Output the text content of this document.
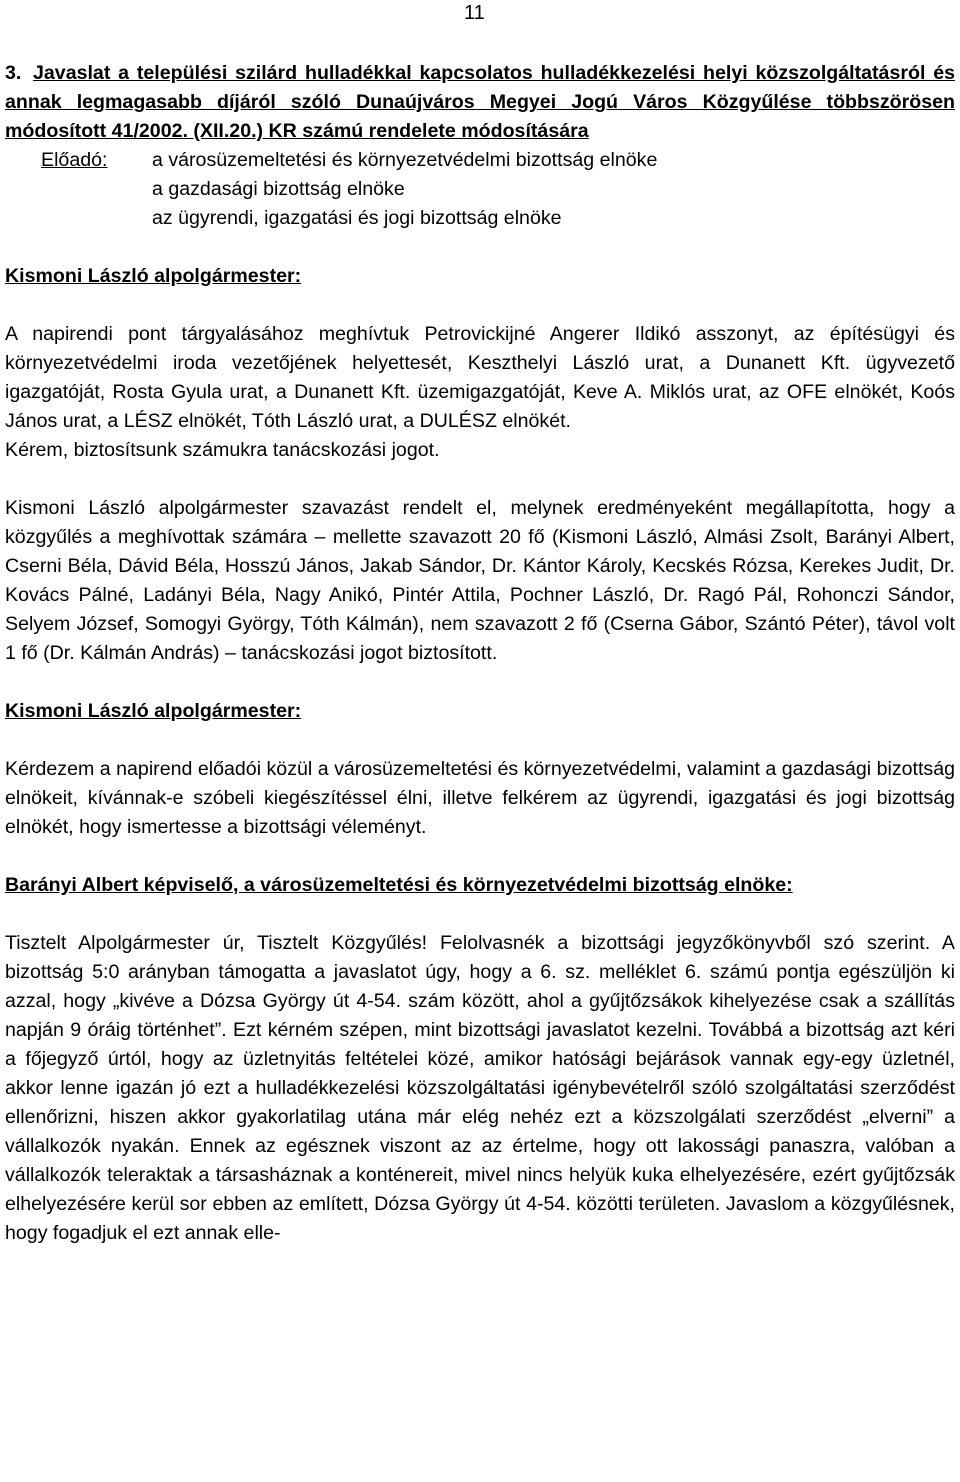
11

3. Javaslat a települési szilárd hulladékkal kapcsolatos hulladékkezelési helyi közszolgáltatásról és annak legmagasabb díjáról szóló Dunaújváros Megyei Jogú Város Közgyűlése többszörösen módosított 41/2002. (XII.20.) KR számú rendelete módosítására

Előadó: a városüzemeltetési és környezetvédelmi bizottság elnöke

a gazdasági bizottság elnöke

az ügyrendi, igazgatási és jogi bizottság elnöke

Kismoni László alpolgármester:

A napirendi pont tárgyalásához meghívtuk Petrovickijné Angerer Ildikó asszonyt, az építésügyi és környezetvédelmi iroda vezetőjének helyettesét, Keszthelyi László urat, a Dunanett Kft. ügyvezető igazgatóját, Rosta Gyula urat, a Dunanett Kft. üzemigazgatóját, Keve A. Miklós urat, az OFE elnökét, Koós János urat, a LÉSZ elnökét, Tóth László urat, a DULÉSZ elnökét.

Kérem, biztosítsunk számukra tanácskozási jogot.

Kismoni László alpolgármester szavazást rendelt el, melynek eredményeként megállapította, hogy a közgyűlés a meghívottak számára – mellette szavazott 20 fő (Kismoni László, Almási Zsolt, Barányi Albert, Cserni Béla, Dávid Béla, Hosszú János, Jakab Sándor, Dr. Kántor Károly, Kecskés Rózsa, Kerekes Judit, Dr. Kovács Pálné, Ladányi Béla, Nagy Anikó, Pintér Attila, Pochner László, Dr. Ragó Pál, Rohonczi Sándor, Selyem József, Somogyi György, Tóth Kálmán), nem szavazott 2 fő (Cserna Gábor, Szántó Péter), távol volt 1 fő (Dr. Kálmán András) – tanácskozási jogot biztosított.

Kismoni László alpolgármester:

Kérdezem a napirend előadói közül a városüzemeltetési és környezetvédelmi, valamint a gazdasági bizottság elnökeit, kívánnak-e szóbeli kiegészítéssel élni, illetve felkérem az ügyrendi, igazgatási és jogi bizottság elnökét, hogy ismertesse a bizottsági véleményt.

Barányi Albert képviselő, a városüzemeltetési és környezetvédelmi bizottság elnöke:

Tisztelt Alpolgármester úr, Tisztelt Közgyűlés! Felolvasnék a bizottsági jegyzőkönyvből szó szerint. A bizottság 5:0 arányban támogatta a javaslatot úgy, hogy a 6. sz. melléklet 6. számú pontja egészüljön ki azzal, hogy „kivéve a Dózsa György út 4-54. szám között, ahol a gyűjtőzsákok kihelyezése csak a szállítás napján 9 óráig történhet”. Ezt kérném szépen, mint bizottsági javaslatot kezelni. Továbbá a bizottság azt kéri a főjegyző úrtól, hogy az üzletnyitás feltételei közé, amikor hatósági bejárások vannak egy-egy üzletnél, akkor lenne igazán jó ezt a hulladékkezelési közszolgáltatási igénybevételről szóló szolgáltatási szerződést ellenőrizni, hiszen akkor gyakorlatilag utána már elég nehéz ezt a közszolgálati szerződést „elverni” a vállalkozók nyakán. Ennek az egésznek viszont az az értelme, hogy ott lakossági panaszra, valóban a vállalkozók teleraktak a társasháznak a konténereit, mivel nincs helyük kuka elhelyezésére, ezért gyűjtőzsák elhelyezésére kerül sor ebben az említett, Dózsa György út 4-54. közötti területen. Javaslom a közgyűlésnek, hogy fogadjuk el ezt annak elle-
